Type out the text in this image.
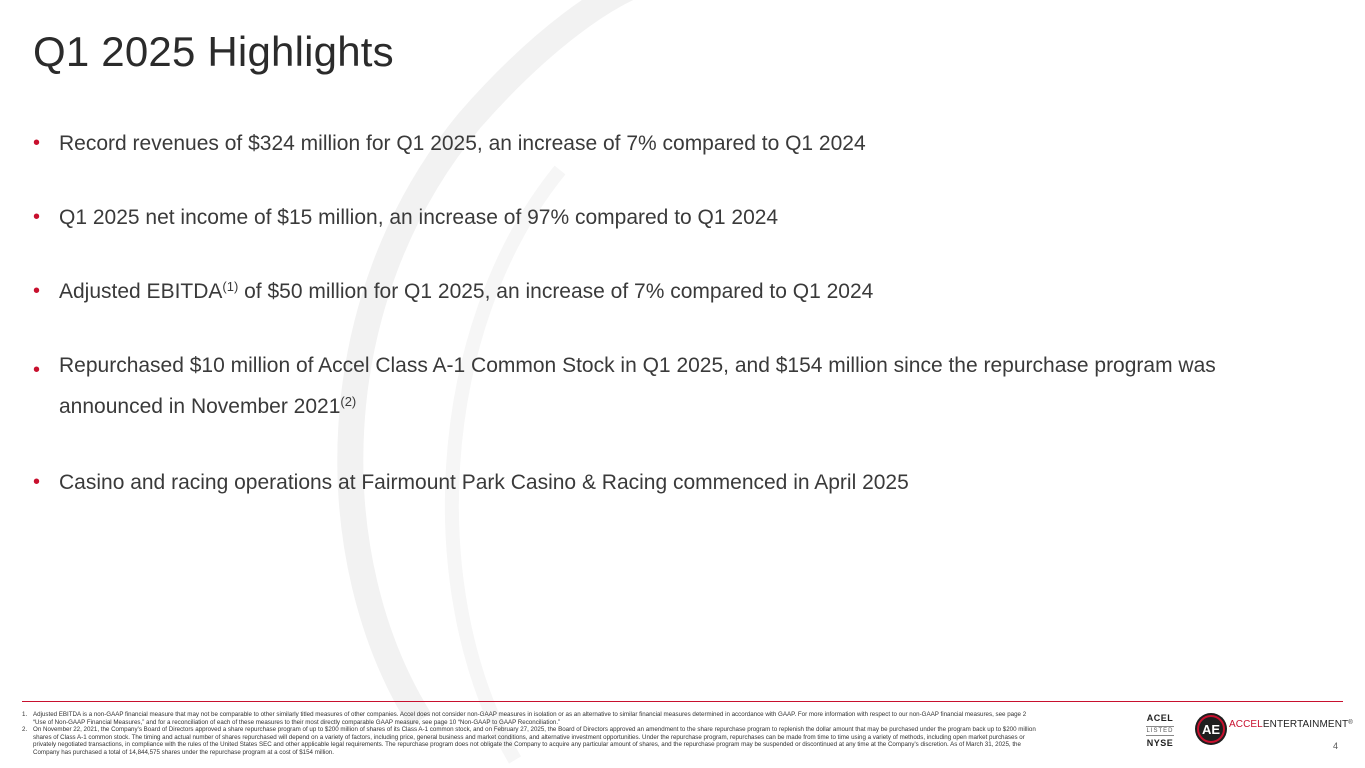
Q1 2025 Highlights
• Record revenues of $324 million for Q1 2025, an increase of 7% compared to Q1 2024
• Q1 2025 net income of $15 million, an increase of 97% compared to Q1 2024
• Adjusted EBITDA$^{(1)}$ of $50 million for Q1 2025, an increase of 7% compared to Q1 2024
• Repurchased $10 million of Accel Class A-1 Common Stock in Q1 2025, and $154 million since the repurchase program was announced in November 2021$^{(2)}$
• Casino and racing operations at Fairmount Park Casino & Racing commenced in April 2025
1. Adjusted EBITDA is a non-GAAP financial measure that may not be comparable to other similarly titled measures of other companies. Accel does not consider non-GAAP measures in isolation or as an alternative to similar financial measures determined in accordance with GAAP. For more information with respect to our non-GAAP financial measures, see page 2 “Use of Non-GAAP Financial Measures,” and for a reconciliation of each of these measures to their most directly comparable GAAP measure, see page 10 “Non-GAAP to GAAP Reconciliation.”
2. On November 22, 2021, the Company’s Board of Directors approved a share repurchase program of up to $200 million of shares of its Class A-1 common stock, and on February 27, 2025, the Board of Directors approved an amendment to the share repurchase program to replenish the dollar amount that may be purchased under the program back up to $200 million shares of Class A-1 common stock. The timing and actual number of shares repurchased will depend on a variety of factors, including price, general business and market conditions, and alternative investment opportunities. Under the repurchase program, repurchases can be made from time to time using a variety of methods, including open market purchases or privately negotiated transactions, in compliance with the rules of the United States SEC and other applicable legal requirements. The repurchase program does not obligate the Company to acquire any particular amount of shares, and the repurchase program may be suspended or discontinued at any time at the Company’s discretion. As of March 31, 2025, the Company has purchased a total of 14,844,575 shares under the repurchase program at a cost of $154 million.
ACEL
LISTED
NYSE
AE ACCELENTERTAINMENT®
4
